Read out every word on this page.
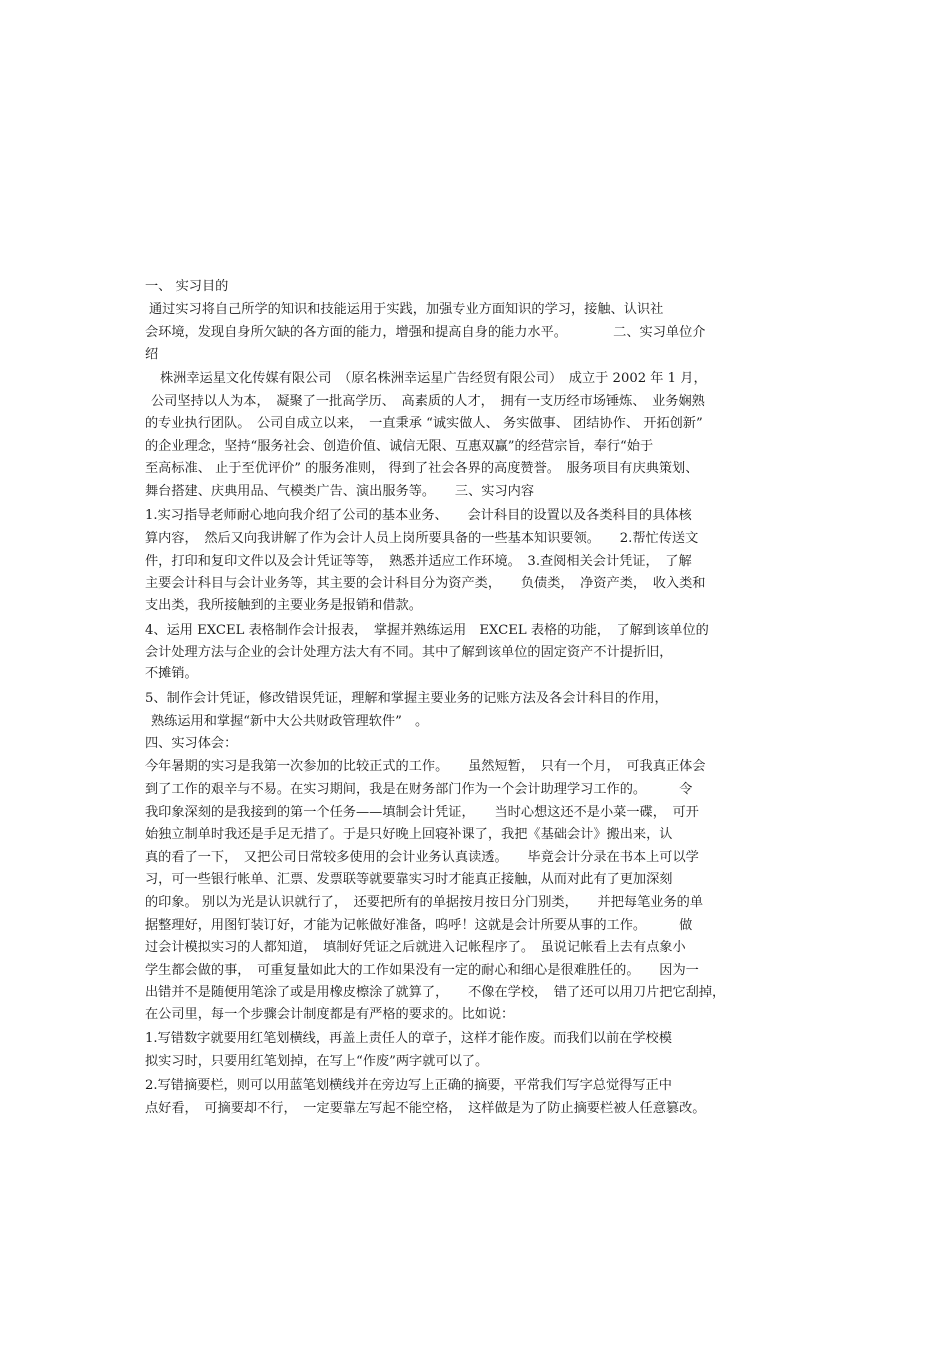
一、 实习目的
通过实习将自己所学的知识和技能运用于实践，加强专业方面知识的学习，接触、认识社
会环境，发现自身所欠缺的各方面的能力，增强和提高自身的能力水平。　　　　二、实习单位介
绍
株洲幸运星文化传媒有限公司　（原名株洲幸运星广告经贸有限公司）　成立于 2002 年 1 月，
公司坚持以人为本，　凝聚了一批高学历、　高素质的人才，　拥有一支历经市场锤炼、　业务娴熟
的专业执行团队。　公司自成立以来，　一直秉承 “诚实做人、 务实做事、 团结协作、 开拓创新”
的企业理念，坚持“服务社会、创造价值、诚信无限、互惠双赢”的经营宗旨，奉行“始于
至高标准、 止于至优评价” 的服务准则， 得到了社会各界的高度赞誉。　服务项目有庆典策划、
舞台搭建、庆典用品、气模类广告、演出服务等。　　三、实习内容
1.实习指导老师耐心地向我介绍了公司的基本业务、　　会计科目的设置以及各类科目的具体核
算内容，　然后又向我讲解了作为会计人员上岗所要具备的一些基本知识要领。　　2.帮忙传送文
件，打印和复印文件以及会计凭证等等，　熟悉并适应工作环境。　3.查阅相关会计凭证，　了解
主要会计科目与会计业务等，其主要的会计科目分为资产类，　　负债类，　净资产类，　收入类和
支出类，我所接触到的主要业务是报销和借款。
4、运用 EXCEL 表格制作会计报表，　掌握并熟练运用　EXCEL 表格的功能，　了解到该单位的
会计处理方法与企业的会计处理方法大有不同。其中了解到该单位的固定资产不计提折旧，
不摊销。
5、制作会计凭证，修改错误凭证，理解和掌握主要业务的记账方法及各会计科目的作用，
熟练运用和掌握“新中大公共财政管理软件”　。
四、实习体会：
今年暑期的实习是我第一次参加的比较正式的工作。　　虽然短暂，　只有一个月，　可我真正体会
到了工作的艰辛与不易。在实习期间，我是在财务部门作为一个会计助理学习工作的。　　　令
我印象深刻的是我接到的第一个任务——填制会计凭证，　　当时心想这还不是小菜一碟，　可开
始独立制单时我还是手足无措了。于是只好晚上回寝补课了，我把《基础会计》搬出来，认
真的看了一下，　又把公司日常较多使用的会计业务认真读透。　　毕竟会计分录在书本上可以学
习，可一些银行帐单、汇票、发票联等就要靠实习时才能真正接触，从而对此有了更加深刻
的印象。 别以为光是认识就行了，　还要把所有的单据按月按日分门别类，　　并把每笔业务的单
据整理好，用图钉装订好，才能为记帐做好准备，呜呼！这就是会计所要从事的工作。　　　做
过会计模拟实习的人都知道，　填制好凭证之后就进入记帐程序了。　虽说记帐看上去有点象小
学生都会做的事，　可重复量如此大的工作如果没有一定的耐心和细心是很难胜任的。　　因为一
出错并不是随便用笔涂了或是用橡皮檫涂了就算了，　　不像在学校，　错了还可以用刀片把它刮掉，
在公司里，每一个步骤会计制度都是有严格的要求的。比如说：
1.写错数字就要用红笔划横线，再盖上责任人的章子，这样才能作废。而我们以前在学校模
拟实习时，只要用红笔划掉，在写上“作废”两字就可以了。
2.写错摘要栏，则可以用蓝笔划横线并在旁边写上正确的摘要，平常我们写字总觉得写正中
点好看，　可摘要却不行，　一定要靠左写起不能空格，　这样做是为了防止摘要栏被人任意篡改。
